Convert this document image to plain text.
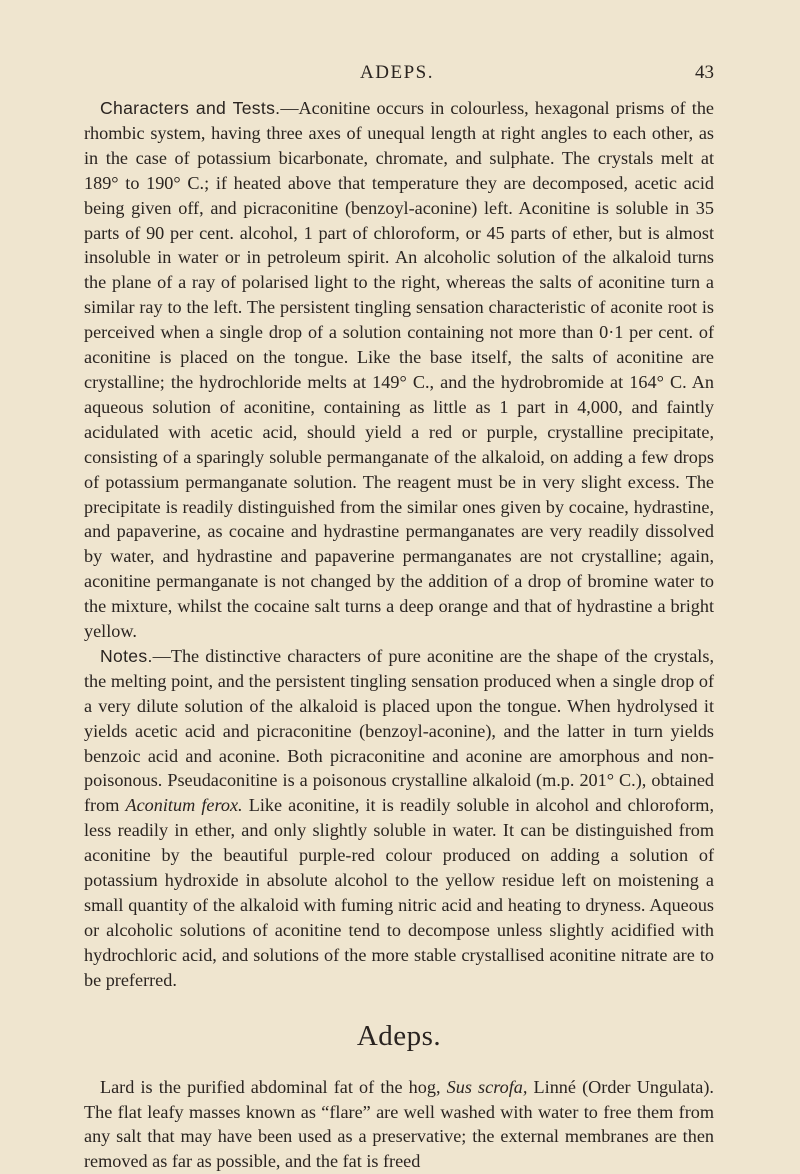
ADEPS.	43

Characters and Tests.—Aconitine occurs in colourless, hexagonal prisms of the rhombic system, having three axes of unequal length at right angles to each other, as in the case of potassium bicarbonate, chromate, and sulphate. The crystals melt at 189° to 190° C.; if heated above that temperature they are decomposed, acetic acid being given off, and picraconitine (benzoyl-aconine) left. Aconitine is soluble in 35 parts of 90 per cent. alcohol, 1 part of chloroform, or 45 parts of ether, but is almost insoluble in water or in petroleum spirit. An alcoholic solution of the alkaloid turns the plane of a ray of polarised light to the right, whereas the salts of aconitine turn a similar ray to the left. The persistent tingling sensation characteristic of aconite root is perceived when a single drop of a solution containing not more than 0·1 per cent. of aconitine is placed on the tongue. Like the base itself, the salts of aconitine are crystalline; the hydrochloride melts at 149° C., and the hydrobromide at 164° C. An aqueous solution of aconitine, containing as little as 1 part in 4,000, and faintly acidulated with acetic acid, should yield a red or purple, crystalline precipitate, consisting of a sparingly soluble permanganate of the alkaloid, on adding a few drops of potassium permanganate solution. The reagent must be in very slight excess. The precipitate is readily distinguished from the similar ones given by cocaine, hydrastine, and papaverine, as cocaine and hydrastine permanganates are very readily dissolved by water, and hydrastine and papaverine permanganates are not crystalline; again, aconitine permanganate is not changed by the addition of a drop of bromine water to the mixture, whilst the cocaine salt turns a deep orange and that of hydrastine a bright yellow.

Notes.—The distinctive characters of pure aconitine are the shape of the crystals, the melting point, and the persistent tingling sensation produced when a single drop of a very dilute solution of the alkaloid is placed upon the tongue. When hydrolysed it yields acetic acid and picraconitine (benzoyl-aconine), and the latter in turn yields benzoic acid and aconine. Both picraconitine and aconine are amorphous and non-poisonous. Pseudaconitine is a poisonous crystalline alkaloid (m.p. 201° C.), obtained from Aconitum ferox. Like aconitine, it is readily soluble in alcohol and chloroform, less readily in ether, and only slightly soluble in water. It can be distinguished from aconitine by the beautiful purple-red colour produced on adding a solution of potassium hydroxide in absolute alcohol to the yellow residue left on moistening a small quantity of the alkaloid with fuming nitric acid and heating to dryness. Aqueous or alcoholic solutions of aconitine tend to decompose unless slightly acidified with hydrochloric acid, and solutions of the more stable crystallised aconitine nitrate are to be preferred.

Adeps.

Lard is the purified abdominal fat of the hog, Sus scrofa, Linné (Order Ungulata). The flat leafy masses known as “flare” are well washed with water to free them from any salt that may have been used as a preservative; the external membranes are then removed as far as possible, and the fat is freed
